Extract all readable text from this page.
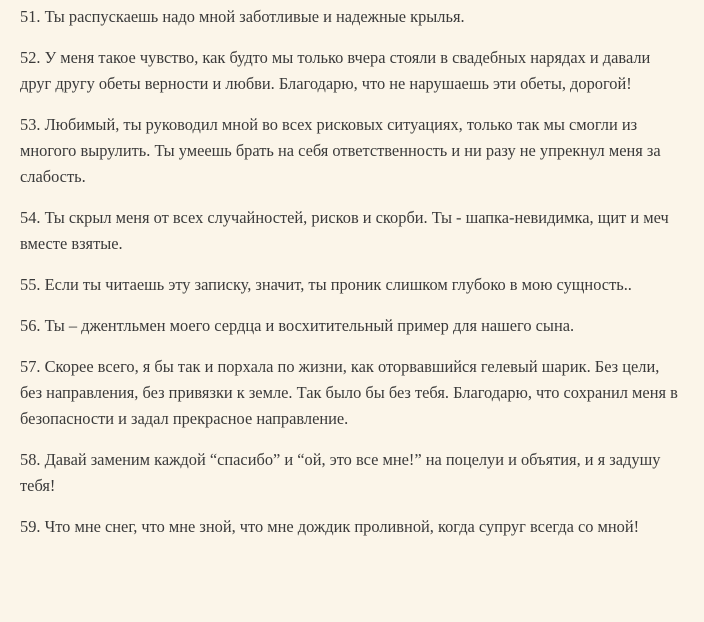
51. Ты распускаешь надо мной заботливые и надежные крылья.

52. У меня такое чувство, как будто мы только вчера стояли в свадебных нарядах и давали друг другу обеты верности и любви. Благодарю, что не нарушаешь эти обеты, дорогой!

53. Любимый, ты руководил мной во всех рисковых ситуациях, только так мы смогли из многого вырулить. Ты умеешь брать на себя ответственность и ни разу не упрекнул меня за слабость.

54. Ты скрыл меня от всех случайностей, рисков и скорби. Ты - шапка-невидимка, щит и меч вместе взятые.

55. Если ты читаешь эту записку, значит, ты проник слишком глубоко в мою сущность..

56. Ты – джентльмен моего сердца и восхитительный пример для нашего сына.

57. Скорее всего, я бы так и порхала по жизни, как оторвавшийся гелевый шарик. Без цели, без направления, без привязки к земле. Так было бы без тебя. Благодарю, что сохранил меня в безопасности и задал прекрасное направление.

58. Давай заменим каждой “спасибо” и “ой, это все мне!” на поцелуи и объятия, и я задушу тебя!

59. Что мне снег, что мне зной, что мне дождик проливной, когда супруг всегда со мной!
